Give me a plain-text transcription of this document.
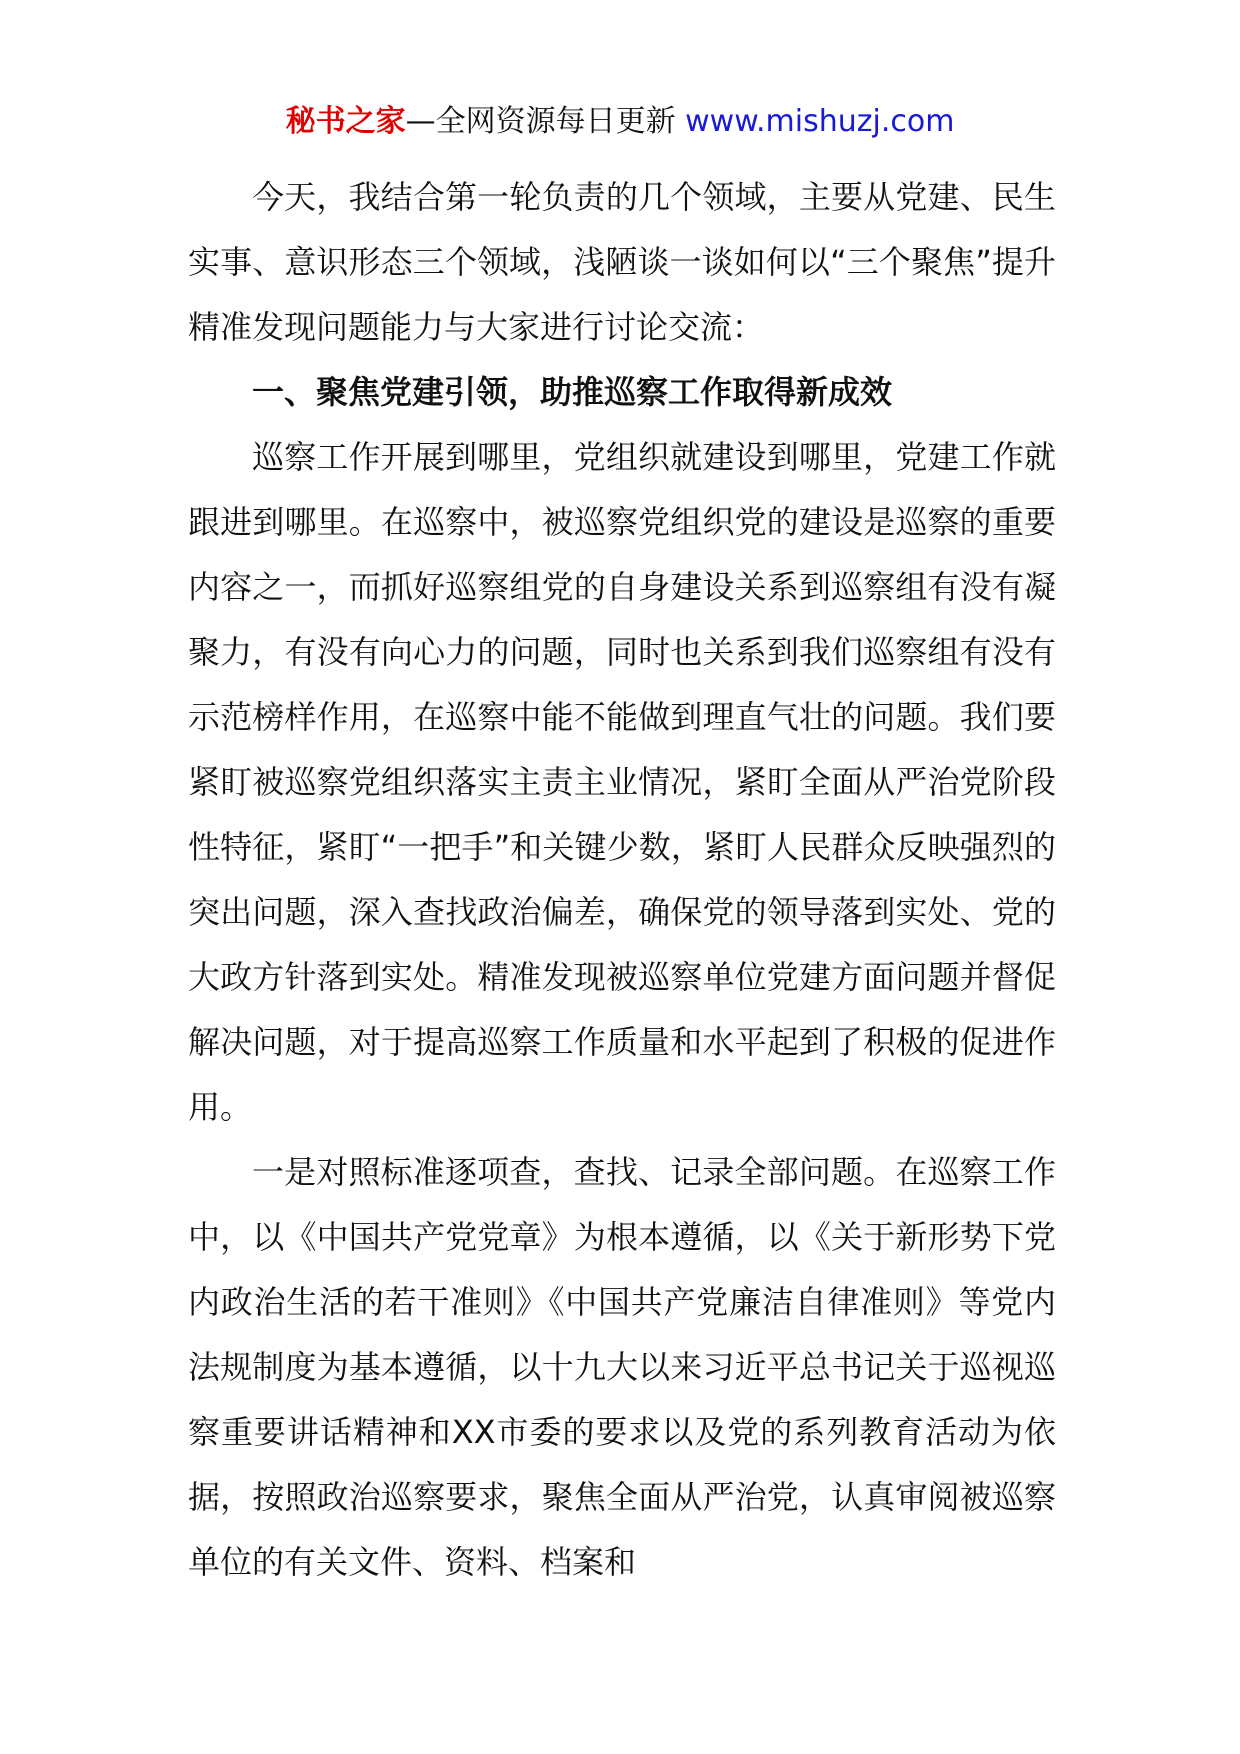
秘书之家—全网资源每日更新 www.mishuzj.com

今天，我结合第一轮负责的几个领域，主要从党建、民生实事、意识形态三个领域，浅陋谈一谈如何以“三个聚焦”提升精准发现问题能力与大家进行讨论交流：

一、聚焦党建引领，助推巡察工作取得新成效

巡察工作开展到哪里，党组织就建设到哪里，党建工作就跟进到哪里。在巡察中，被巡察党组织党的建设是巡察的重要内容之一，而抓好巡察组党的自身建设关系到巡察组有没有凝聚力，有没有向心力的问题，同时也关系到我们巡察组有没有示范榜样作用，在巡察中能不能做到理直气壮的问题。我们要紧盯被巡察党组织落实主责主业情况，紧盯全面从严治党阶段性特征，紧盯“一把手”和关键少数，紧盯人民群众反映强烈的突出问题，深入查找政治偏差，确保党的领导落到实处、党的大政方针落到实处。精准发现被巡察单位党建方面问题并督促解决问题，对于提高巡察工作质量和水平起到了积极的促进作用。

一是对照标准逐项查，查找、记录全部问题。在巡察工作中，以《中国共产党党章》为根本遵循，以《关于新形势下党内政治生活的若干准则》《中国共产党廉洁自律准则》等党内法规制度为基本遵循，以十九大以来习近平总书记关于巡视巡察重要讲话精神和XX市委的要求以及党的系列教育活动为依据，按照政治巡察要求，聚焦全面从严治党，认真审阅被巡察单位的有关文件、资料、档案和
